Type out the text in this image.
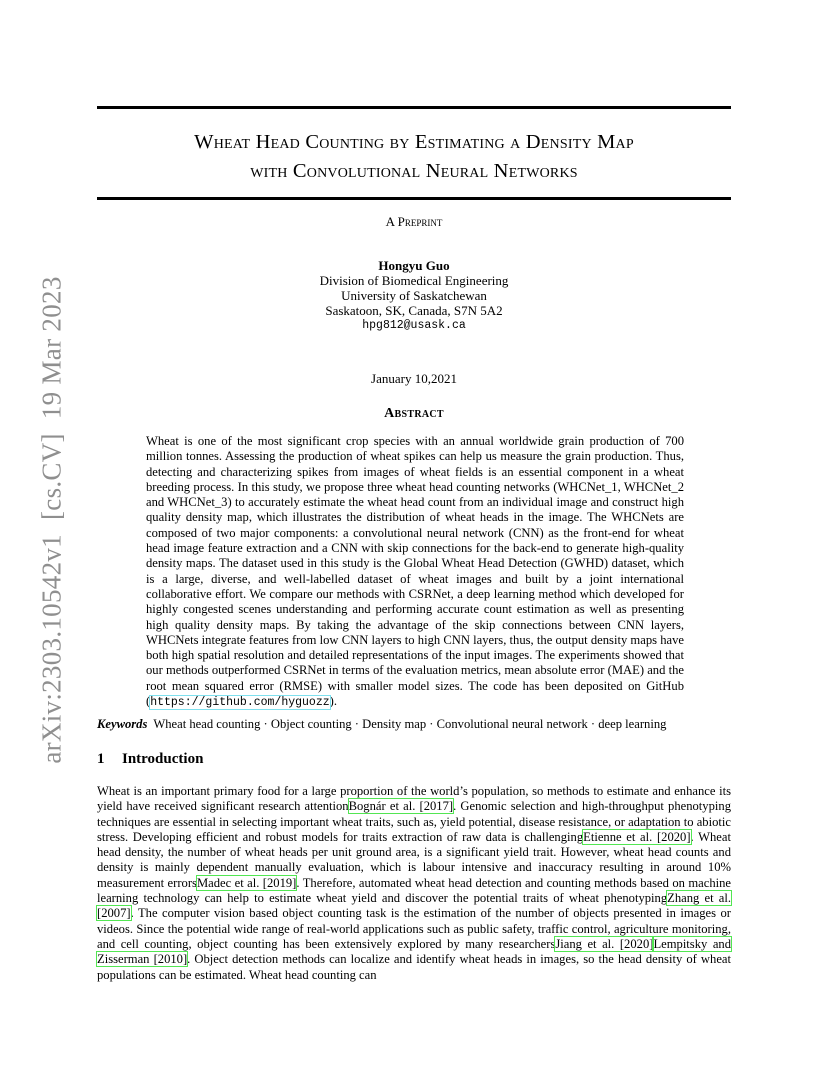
arXiv:2303.10542v1[cs.CV]19 Mar 2023
Wheat Head Counting by Estimating a Density Map
with Convolutional Neural Networks
A Preprint
Hongyu Guo
Division of Biomedical Engineering
University of Saskatchewan
Saskatoon, SK, Canada, S7N 5A2
hpg812@usask.ca
January 10,2021
Abstract
Wheat is one of the most significant crop species with an annual worldwide grain production of 700 million tonnes. Assessing the production of wheat spikes can help us measure the grain production. Thus, detecting and characterizing spikes from images of wheat fields is an essential component in a wheat breeding process. In this study, we propose three wheat head counting networks (WHCNet_1, WHCNet_2 and WHCNet_3) to accurately estimate the wheat head count from an individual image and construct high quality density map, which illustrates the distribution of wheat heads in the image. The WHCNets are composed of two major components: a convolutional neural network (CNN) as the front-end for wheat head image feature extraction and a CNN with skip connections for the back-end to generate high-quality density maps. The dataset used in this study is the Global Wheat Head Detection (GWHD) dataset, which is a large, diverse, and well-labelled dataset of wheat images and built by a joint international collaborative effort. We compare our methods with CSRNet, a deep learning method which developed for highly congested scenes understanding and performing accurate count estimation as well as presenting high quality density maps. By taking the advantage of the skip connections between CNN layers, WHCNets integrate features from low CNN layers to high CNN layers, thus, the output density maps have both high spatial resolution and detailed representations of the input images. The experiments showed that our methods outperformed CSRNet in terms of the evaluation metrics, mean absolute error (MAE) and the root mean squared error (RMSE) with smaller model sizes. The code has been deposited on GitHub (https://github.com/hyguozz).
Keywords Wheat head counting · Object counting · Density map · Convolutional neural network · deep learning
1 Introduction
Wheat is an important primary food for a large proportion of the world’s population, so methods to estimate and enhance its yield have received significant research attentionBognár et al. [2017]. Genomic selection and high-throughput phenotyping techniques are essential in selecting important wheat traits, such as, yield potential, disease resistance, or adaptation to abiotic stress. Developing efficient and robust models for traits extraction of raw data is challengingEtienne et al. [2020]. Wheat head density, the number of wheat heads per unit ground area, is a significant yield trait. However, wheat head counts and density is mainly dependent manually evaluation, which is labour intensive and inaccuracy resulting in around 10% measurement errorsMadec et al. [2019]. Therefore, automated wheat head detection and counting methods based on machine learning technology can help to estimate wheat yield and discover the potential traits of wheat phenotypingZhang et al. [2007]. The computer vision based object counting task is the estimation of the number of objects presented in images or videos. Since the potential wide range of real-world applications such as public safety, traffic control, agriculture monitoring, and cell counting, object counting has been extensively explored by many researchersJiang et al. [2020]Lempitsky and Zisserman [2010]. Object detection methods can localize and identify wheat heads in images, so the head density of wheat populations can be estimated. Wheat head counting can
